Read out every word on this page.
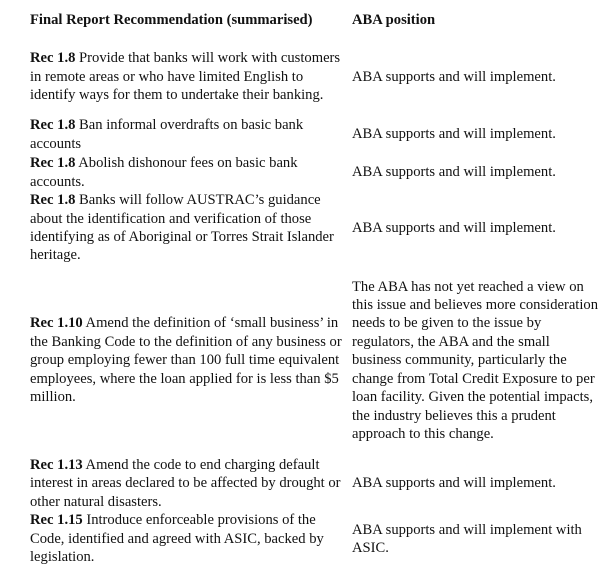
Final Report Recommendation (summarised)	ABA position
Rec 1.8 Provide that banks will work with customers in remote areas or who have limited English to identify ways for them to undertake their banking.
ABA supports and will implement.
Rec 1.8 Ban informal overdrafts on basic bank accounts
ABA supports and will implement.
Rec 1.8 Abolish dishonour fees on basic bank accounts.
ABA supports and will implement.
Rec 1.8 Banks will follow AUSTRAC’s guidance about the identification and verification of those identifying as of Aboriginal or Torres Strait Islander heritage.
ABA supports and will implement.
Rec 1.10 Amend the definition of ‘small business’ in the Banking Code to the definition of any business or group employing fewer than 100 full time equivalent employees, where the loan applied for is less than $5 million.
The ABA has not yet reached a view on this issue and believes more consideration needs to be given to the issue by regulators, the ABA and the small business community, particularly the change from Total Credit Exposure to per loan facility. Given the potential impacts, the industry believes this a prudent approach to this change.
Rec 1.13 Amend the code to end charging default interest in areas declared to be affected by drought or other natural disasters.
ABA supports and will implement.
Rec 1.15 Introduce enforceable provisions of the Code, identified and agreed with ASIC, backed by legislation.
ABA supports and will implement with ASIC.
